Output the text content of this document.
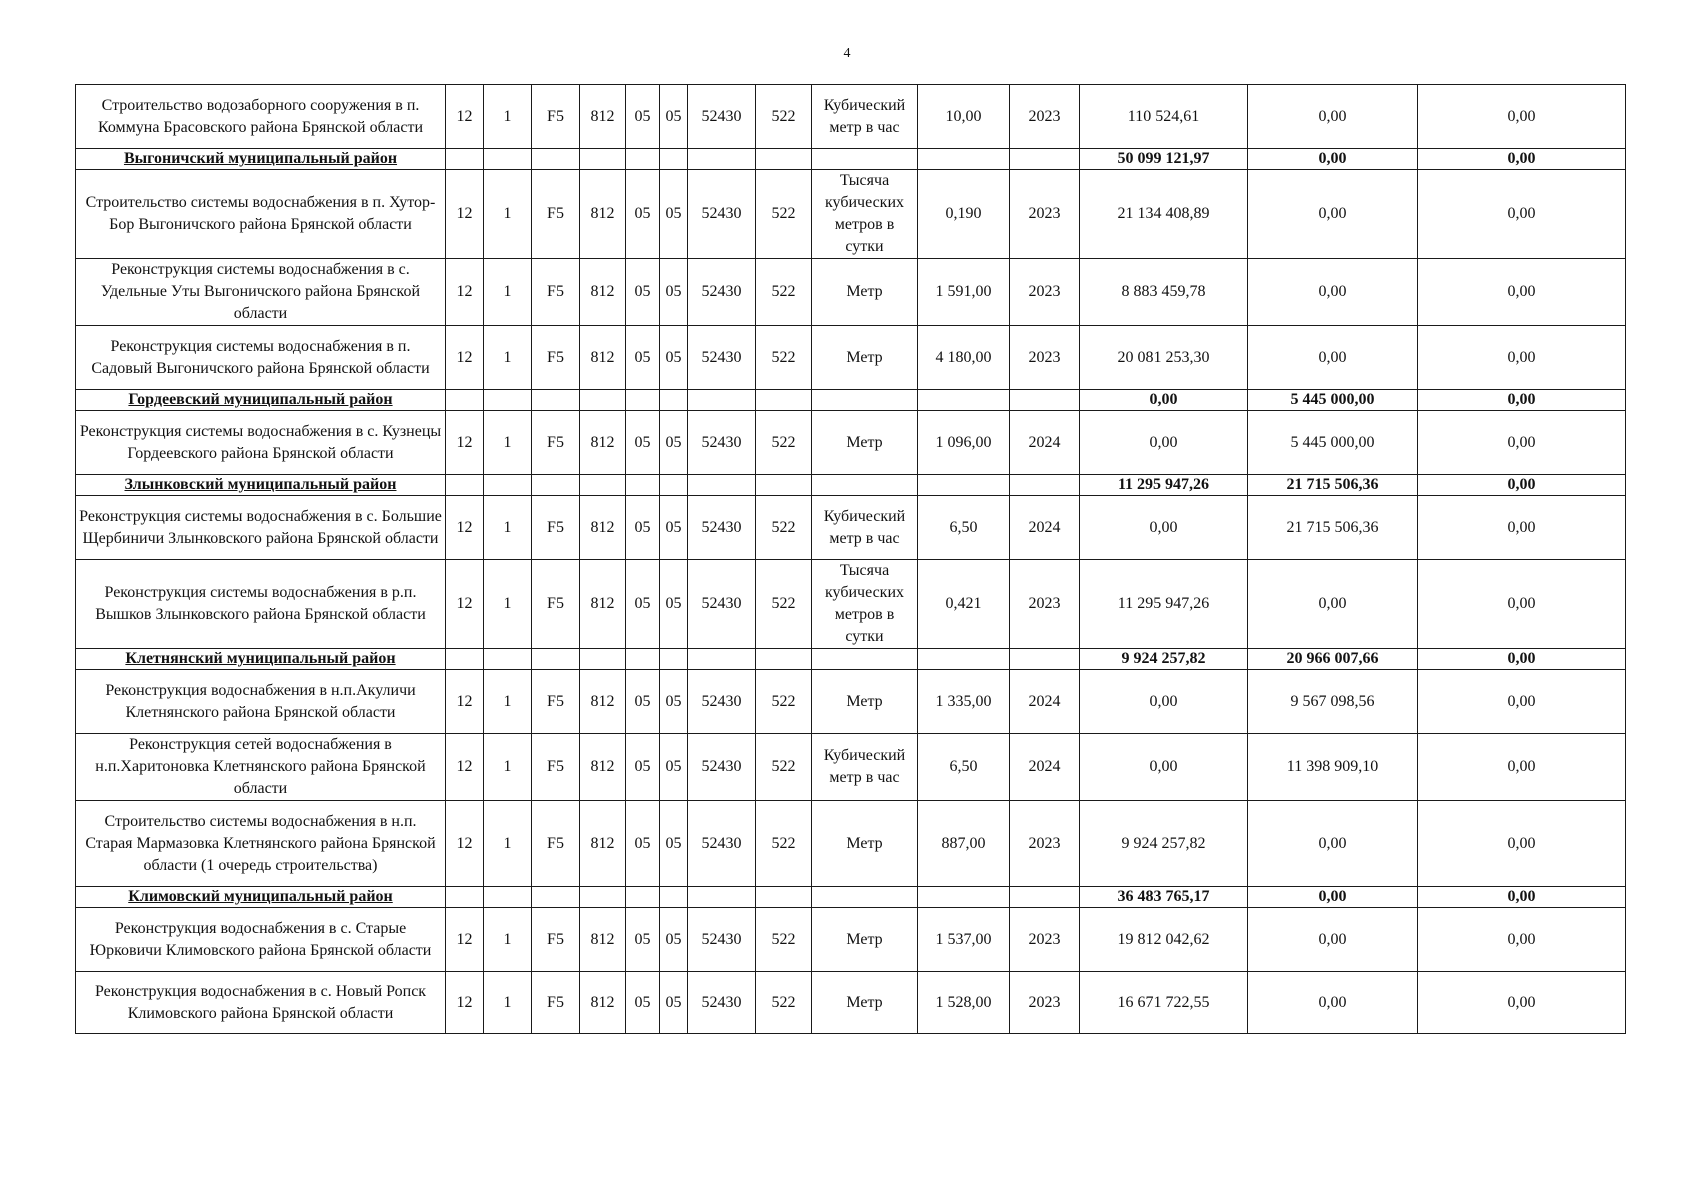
4
Строительство водозаборного сооружения в п. Коммуна Брасовского района Брянской области	12	1	F5	812	05	05	52430	522	Кубический метр в час	10,00	2023	110 524,61	0,00	0,00
Выгоничский муниципальный район												50 099 121,97	0,00	0,00
Строительство системы водоснабжения в п. Хутор-Бор Выгоничского района Брянской области	12	1	F5	812	05	05	52430	522	Тысяча кубических метров в сутки	0,190	2023	21 134 408,89	0,00	0,00
Реконструкция системы водоснабжения в с. Удельные Уты Выгоничского района Брянской области	12	1	F5	812	05	05	52430	522	Метр	1 591,00	2023	8 883 459,78	0,00	0,00
Реконструкция системы водоснабжения в п. Садовый Выгоничского района Брянской области	12	1	F5	812	05	05	52430	522	Метр	4 180,00	2023	20 081 253,30	0,00	0,00
Гордеевский муниципальный район												0,00	5 445 000,00	0,00
Реконструкция системы водоснабжения в с. Кузнецы Гордеевского района Брянской области	12	1	F5	812	05	05	52430	522	Метр	1 096,00	2024	0,00	5 445 000,00	0,00
Злынковский муниципальный район												11 295 947,26	21 715 506,36	0,00
Реконструкция системы водоснабжения в с. Большие Щербиничи Злынковского района Брянской области	12	1	F5	812	05	05	52430	522	Кубический метр в час	6,50	2024	0,00	21 715 506,36	0,00
Реконструкция системы водоснабжения в р.п. Вышков Злынковского района Брянской области	12	1	F5	812	05	05	52430	522	Тысяча кубических метров в сутки	0,421	2023	11 295 947,26	0,00	0,00
Клетнянский муниципальный район												9 924 257,82	20 966 007,66	0,00
Реконструкция водоснабжения в н.п.Акуличи Клетнянского района Брянской области	12	1	F5	812	05	05	52430	522	Метр	1 335,00	2024	0,00	9 567 098,56	0,00
Реконструкция сетей водоснабжения в н.п.Харитоновка Клетнянского района Брянской области	12	1	F5	812	05	05	52430	522	Кубический метр в час	6,50	2024	0,00	11 398 909,10	0,00
Строительство системы водоснабжения в н.п. Старая Мармазовка Клетнянского района Брянской области (1 очередь строительства)	12	1	F5	812	05	05	52430	522	Метр	887,00	2023	9 924 257,82	0,00	0,00
Климовский муниципальный район												36 483 765,17	0,00	0,00
Реконструкция водоснабжения в с. Старые Юрковичи Климовского района Брянской области	12	1	F5	812	05	05	52430	522	Метр	1 537,00	2023	19 812 042,62	0,00	0,00
Реконструкция водоснабжения в с. Новый Ропск Климовского района Брянской области	12	1	F5	812	05	05	52430	522	Метр	1 528,00	2023	16 671 722,55	0,00	0,00
